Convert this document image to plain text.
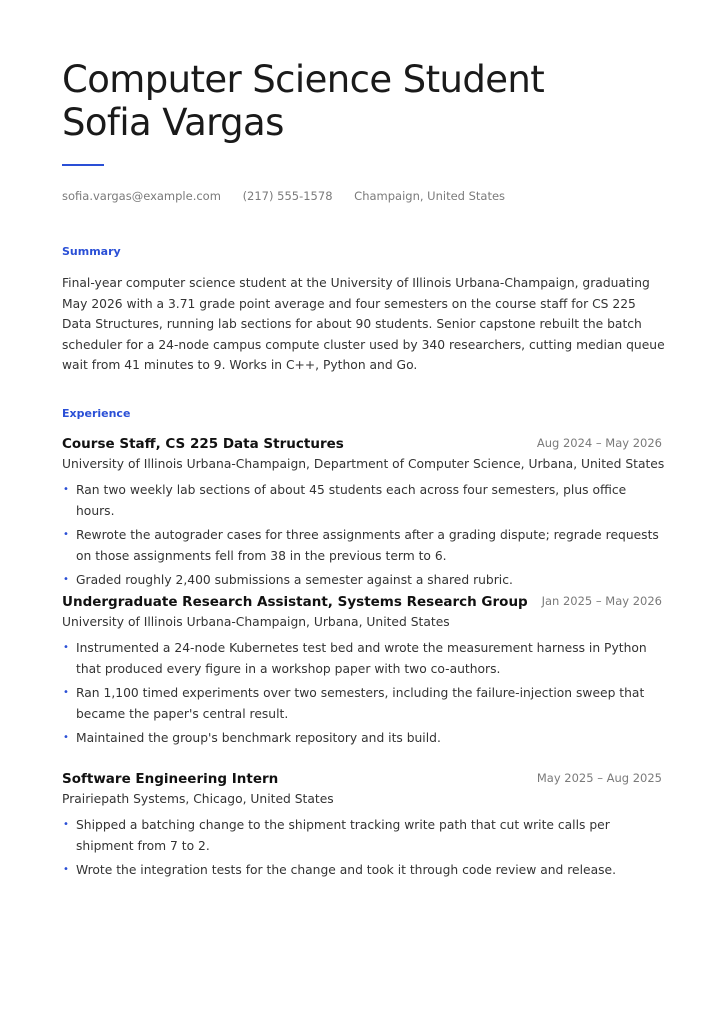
Computer Science Student
Sofia Vargas
sofia.vargas@example.com (217) 555-1578 Champaign, United States
Summary
Final-year computer science student at the University of Illinois Urbana-Champaign, graduating May 2026 with a 3.71 grade point average and four semesters on the course staff for CS 225 Data Structures, running lab sections for about 90 students. Senior capstone rebuilt the batch scheduler for a 24-node campus compute cluster used by 340 researchers, cutting median queue wait from 41 minutes to 9. Works in C++, Python and Go.
Experience
Course Staff, CS 225 Data Structures	Aug 2024 – May 2026
University of Illinois Urbana-Champaign, Department of Computer Science, Urbana, United States
• Ran two weekly lab sections of about 45 students each across four semesters, plus office hours.
• Rewrote the autograder cases for three assignments after a grading dispute; regrade requests on those assignments fell from 38 in the previous term to 6.
• Graded roughly 2,400 submissions a semester against a shared rubric.
Undergraduate Research Assistant, Systems Research Group	Jan 2025 – May 2026
University of Illinois Urbana-Champaign, Urbana, United States
• Instrumented a 24-node Kubernetes test bed and wrote the measurement harness in Python that produced every figure in a workshop paper with two co-authors.
• Ran 1,100 timed experiments over two semesters, including the failure-injection sweep that became the paper's central result.
• Maintained the group's benchmark repository and its build.
Software Engineering Intern	May 2025 – Aug 2025
Prairiepath Systems, Chicago, United States
• Shipped a batching change to the shipment tracking write path that cut write calls per shipment from 7 to 2.
• Wrote the integration tests for the change and took it through code review and release.
